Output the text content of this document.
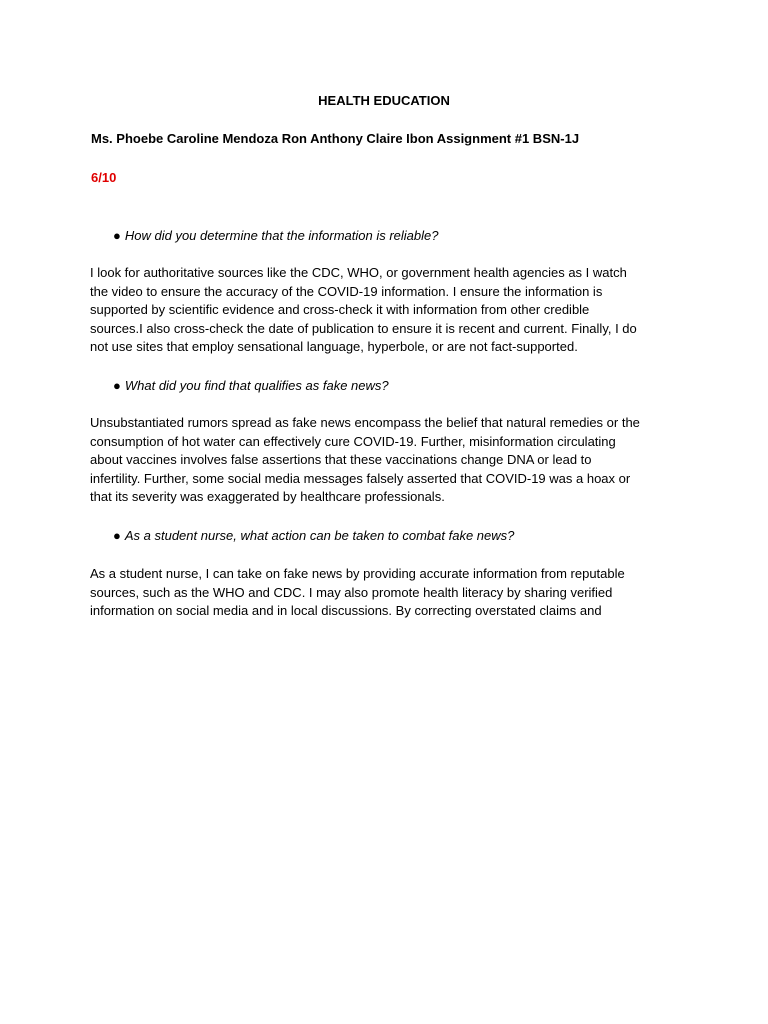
HEALTH EDUCATION
Ms. Phoebe Caroline Mendoza Ron Anthony Claire Ibon Assignment #1 BSN-1J
6/10
● How did you determine that the information is reliable?
I look for authoritative sources like the CDC, WHO, or government health agencies as I watch
the video to ensure the accuracy of the COVID-19 information. I ensure the information is
supported by scientific evidence and cross-check it with information from other credible
sources.I also cross-check the date of publication to ensure it is recent and current. Finally, I do
not use sites that employ sensational language, hyperbole, or are not fact-supported.
● What did you find that qualifies as fake news?
Unsubstantiated rumors spread as fake news encompass the belief that natural remedies or the
consumption of hot water can effectively cure COVID-19. Further, misinformation circulating
about vaccines involves false assertions that these vaccinations change DNA or lead to
infertility. Further, some social media messages falsely asserted that COVID-19 was a hoax or
that its severity was exaggerated by healthcare professionals.
● As a student nurse, what action can be taken to combat fake news?
As a student nurse, I can take on fake news by providing accurate information from reputable
sources, such as the WHO and CDC. I may also promote health literacy by sharing verified
information on social media and in local discussions. By correcting overstated claims and
